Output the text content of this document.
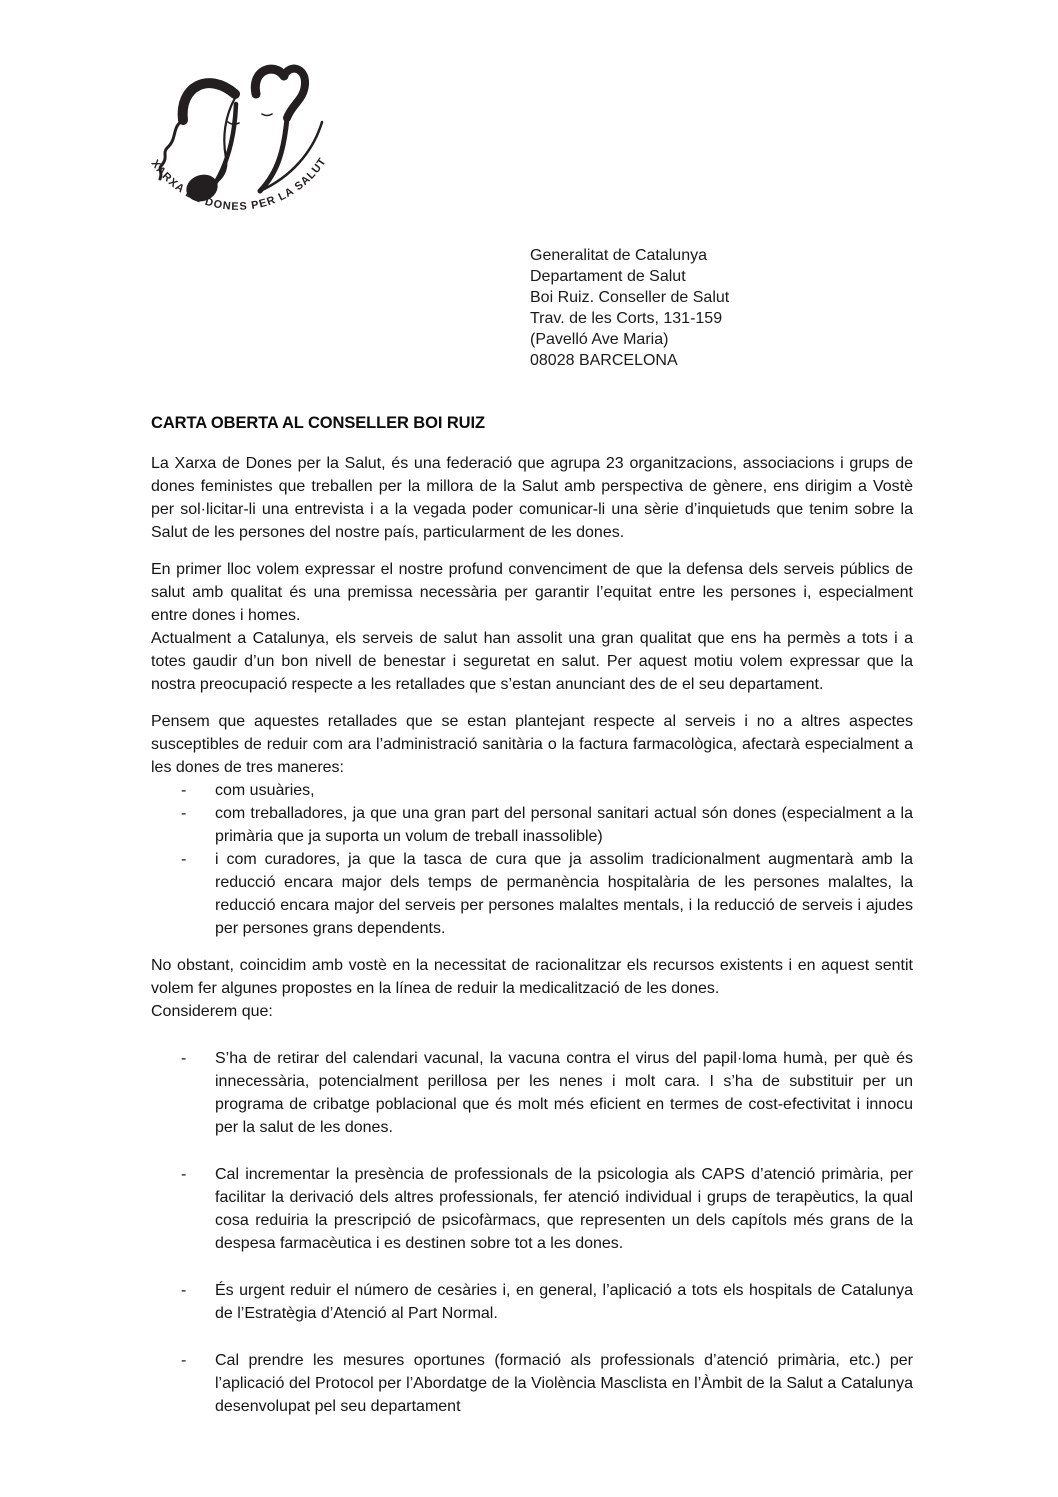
XARXA DE DONES PER LA SALUT
Generalitat de Catalunya
Departament de Salut
Boi Ruiz. Conseller de Salut
Trav. de les Corts, 131-159
(Pavelló Ave Maria)
08028 BARCELONA
CARTA OBERTA AL CONSELLER BOI RUIZ
La Xarxa de Dones per la Salut, és una federació que agrupa 23 organitzacions, associacions i grups de dones feministes que treballen per la millora de la Salut amb perspectiva de gènere, ens dirigim a Vostè per sol·licitar-li una entrevista i a la vegada poder comunicar-li una sèrie d’inquietuds que tenim sobre la Salut de les persones del nostre país, particularment de les dones.
En primer lloc volem expressar el nostre profund convenciment de que la defensa dels serveis públics de salut amb qualitat és una premissa necessària per garantir l’equitat entre les persones i, especialment entre dones i homes.
Actualment a Catalunya, els serveis de salut han assolit una gran qualitat que ens ha permès a tots i a totes gaudir d’un bon nivell de benestar i seguretat en salut. Per aquest motiu volem expressar que la nostra preocupació respecte a les retallades que s’estan anunciant des de el seu departament.
Pensem que aquestes retallades que se estan plantejant respecte al serveis i no a altres aspectes susceptibles de reduir com ara l’administració sanitària o la factura farmacològica, afectarà especialment a les dones de tres maneres:
-	com usuàries,
-	com treballadores, ja que una gran part del personal sanitari actual són dones (especialment a la primària que ja suporta un volum de treball inassolible)
-	i com curadores, ja que la tasca de cura que ja assolim tradicionalment augmentarà amb la reducció encara major dels temps de permanència hospitalària de les persones malaltes, la reducció encara major del serveis per persones malaltes mentals, i la reducció de serveis i ajudes per persones grans dependents.
No obstant, coincidim amb vostè en la necessitat de racionalitzar els recursos existents i en aquest sentit volem fer algunes propostes en la línea de reduir la medicalització de les dones.
Considerem que:
-	S’ha de retirar del calendari vacunal, la vacuna contra el virus del papil·loma humà, per què és innecessària, potencialment perillosa per les nenes i molt cara. I s’ha de substituir per un programa de cribatge poblacional que és molt més eficient en termes de cost-efectivitat i innocu per la salut de les dones.
-	Cal incrementar la presència de professionals de la psicologia als CAPS d’atenció primària, per facilitar la derivació dels altres professionals, fer atenció individual i grups de terapèutics, la qual cosa reduiria la prescripció de psicofàrmacs, que representen un dels capítols més grans de la despesa farmacèutica i es destinen sobre tot a les dones.
-	És urgent reduir el número de cesàries i, en general, l’aplicació a tots els hospitals de Catalunya de l’Estratègia d’Atenció al Part Normal.
-	Cal prendre les mesures oportunes (formació als professionals d’atenció primària, etc.) per l’aplicació del Protocol per l’Abordatge de la Violència Masclista en l’Àmbit de la Salut a Catalunya desenvolupat pel seu departament
